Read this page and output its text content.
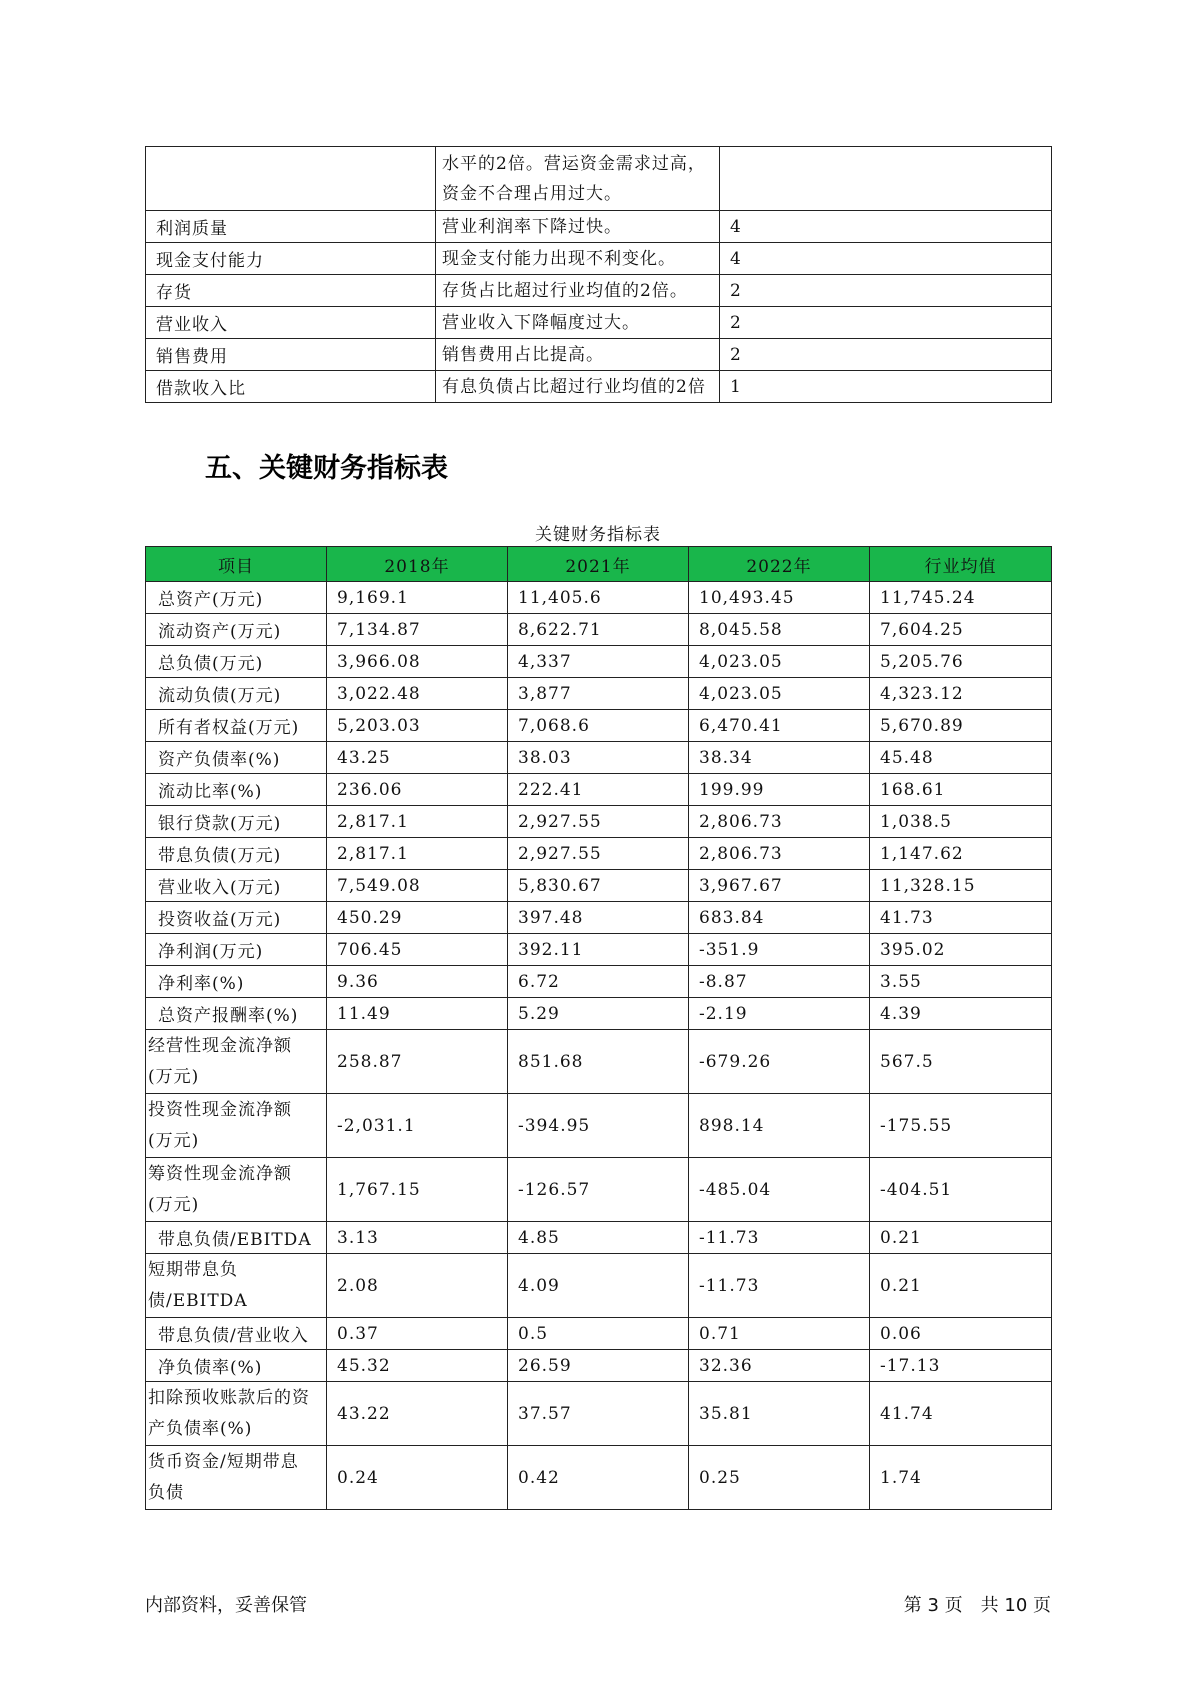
	水平的2倍。营运资金需求过高，资金不合理占用过大。	
利润质量	营业利润率下降过快。	4
现金支付能力	现金支付能力出现不利变化。	4
存货	存货占比超过行业均值的2倍。	2
营业收入	营业收入下降幅度过大。	2
销售费用	销售费用占比提高。	2
借款收入比	有息负债占比超过行业均值的2倍	1
五、关键财务指标表
关键财务指标表
项目	2018年	2021年	2022年	行业均值
总资产(万元)	9,169.1	11,405.6	10,493.45	11,745.24
流动资产(万元)	7,134.87	8,622.71	8,045.58	7,604.25
总负债(万元)	3,966.08	4,337	4,023.05	5,205.76
流动负债(万元)	3,022.48	3,877	4,023.05	4,323.12
所有者权益(万元)	5,203.03	7,068.6	6,470.41	5,670.89
资产负债率(%)	43.25	38.03	38.34	45.48
流动比率(%)	236.06	222.41	199.99	168.61
银行贷款(万元)	2,817.1	2,927.55	2,806.73	1,038.5
带息负债(万元)	2,817.1	2,927.55	2,806.73	1,147.62
营业收入(万元)	7,549.08	5,830.67	3,967.67	11,328.15
投资收益(万元)	450.29	397.48	683.84	41.73
净利润(万元)	706.45	392.11	-351.9	395.02
净利率(%)	9.36	6.72	-8.87	3.55
总资产报酬率(%)	11.49	5.29	-2.19	4.39
经营性现金流净额(万元)	258.87	851.68	-679.26	567.5
投资性现金流净额(万元)	-2,031.1	-394.95	898.14	-175.55
筹资性现金流净额(万元)	1,767.15	-126.57	-485.04	-404.51
带息负债/EBITDA	3.13	4.85	-11.73	0.21
短期带息负债/EBITDA	2.08	4.09	-11.73	0.21
带息负债/营业收入	0.37	0.5	0.71	0.06
净负债率(%)	45.32	26.59	32.36	-17.13
扣除预收账款后的资产负债率(%)	43.22	37.57	35.81	41.74
货币资金/短期带息负债	0.24	0.42	0.25	1.74
内部资料，妥善保管	第 3 页　共 10 页
